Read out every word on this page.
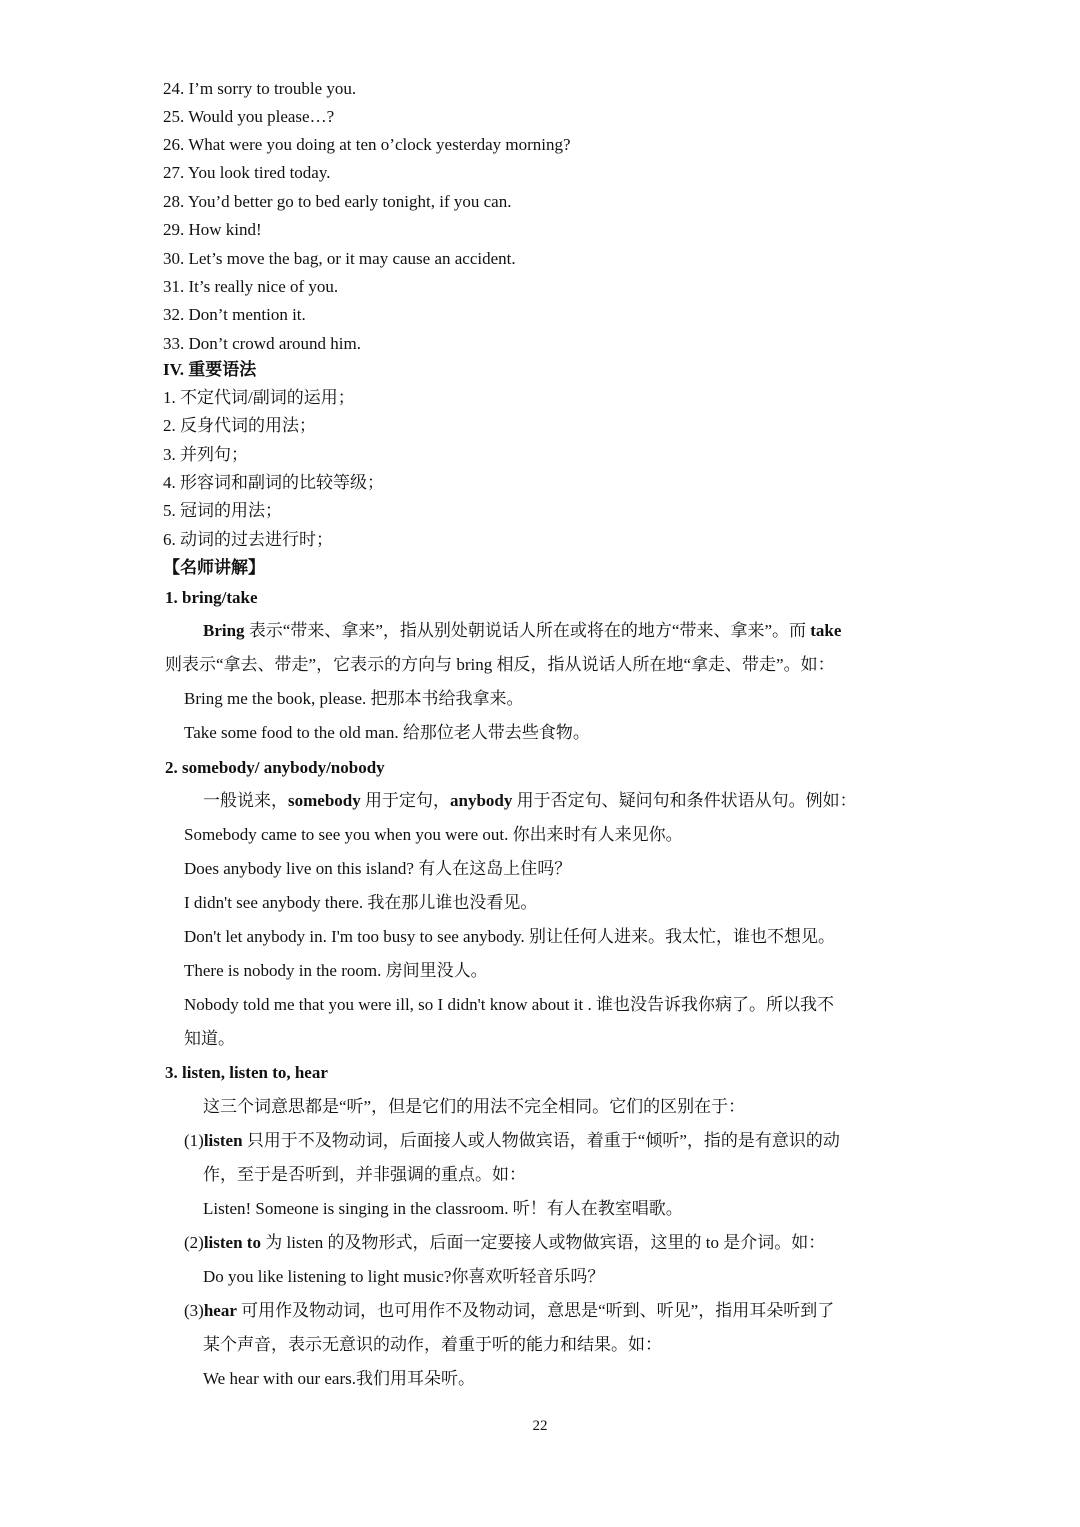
24. I’m sorry to trouble you.
25. Would you please…?
26. What were you doing at ten o’clock yesterday morning?
27. You look tired today.
28. You’d better go to bed early tonight, if you can.
29. How kind!
30. Let’s move the bag, or it may cause an accident.
31. It’s really nice of you.
32. Don’t mention it.
33. Don’t crowd around him.
IV. 重要语法
1. 不定代词/副词的运用；
2. 反身代词的用法；
3. 并列句；
4. 形容词和副词的比较等级；
5. 冠词的用法；
6. 动词的过去进行时；
【名师讲解】
1. bring/take
Bring 表示“带来、拿来”，指从别处朝说话人所在或将在的地方“带来、拿来”。而 take
则表示“拿去、带走”，它表示的方向与 bring 相反，指从说话人所在地“拿走、带走”。如：
Bring me the book, please. 把那本书给我拿来。
Take some food to the old man. 给那位老人带去些食物。
2. somebody/ anybody/nobody
一般说来，somebody 用于定句，anybody 用于否定句、疑问句和条件状语从句。例如：
Somebody came to see you when you were out. 你出来时有人来见你。
Does anybody live on this island? 有人在这岛上住吗？
I didn't see anybody there. 我在那儿谁也没看见。
Don't let anybody in. I'm too busy to see anybody. 别让任何人进来。我太忙，谁也不想见。
There is nobody in the room. 房间里没人。
Nobody told me that you were ill, so I didn't know about it . 谁也没告诉我你病了。所以我不
知道。
3. listen, listen to, hear
这三个词意思都是“听”，但是它们的用法不完全相同。它们的区别在于：
(1)listen 只用于不及物动词，后面接人或人物做宾语，着重于“倾听”，指的是有意识的动
作，至于是否听到，并非强调的重点。如：
Listen! Someone is singing in the classroom. 听！有人在教室唱歌。
(2)listen to 为 listen 的及物形式，后面一定要接人或物做宾语，这里的 to 是介词。如：
Do you like listening to light music?你喜欢听轻音乐吗？
(3)hear 可用作及物动词，也可用作不及物动词，意思是“听到、听见”，指用耳朵听到了
某个声音，表示无意识的动作，着重于听的能力和结果。如：
We hear with our ears.我们用耳朵听。
22
